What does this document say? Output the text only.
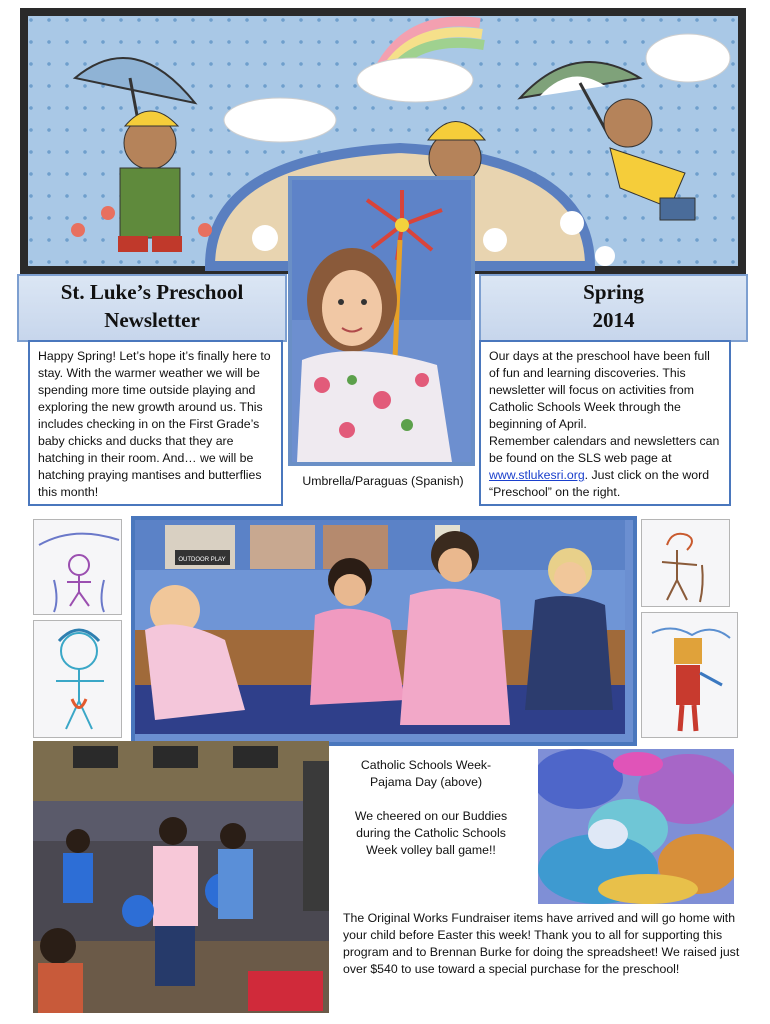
St. Luke’s Preschool
Newsletter
Spring
2014
Happy Spring! Let’s hope it’s finally here to stay. With the warmer weather we will be spending more time outside playing and exploring the new growth around us. This includes checking in on the First Grade’s baby chicks and ducks that they are hatching in their room. And… we will be hatching praying mantises and butterflies this month!
Our days at the preschool have been full of fun and learning discoveries. This newsletter will focus on activities from Catholic Schools Week through the beginning of April.
Remember calendars and newsletters can be found on the SLS web page at www.stlukesri.org. Just click on the word “Preschool” on the right.
Umbrella/Paraguas (Spanish)
OUTDOOR PLAY
Catholic Schools Week-
Pajama Day (above)
We cheered on our Buddies during the Catholic Schools Week volley ball game!!
The Original Works Fundraiser items have arrived and will go home with your child before Easter this week! Thank you to all for supporting this program and to Brennan Burke for doing the spreadsheet! We raised just over $540 to use toward a special purchase for the preschool!
